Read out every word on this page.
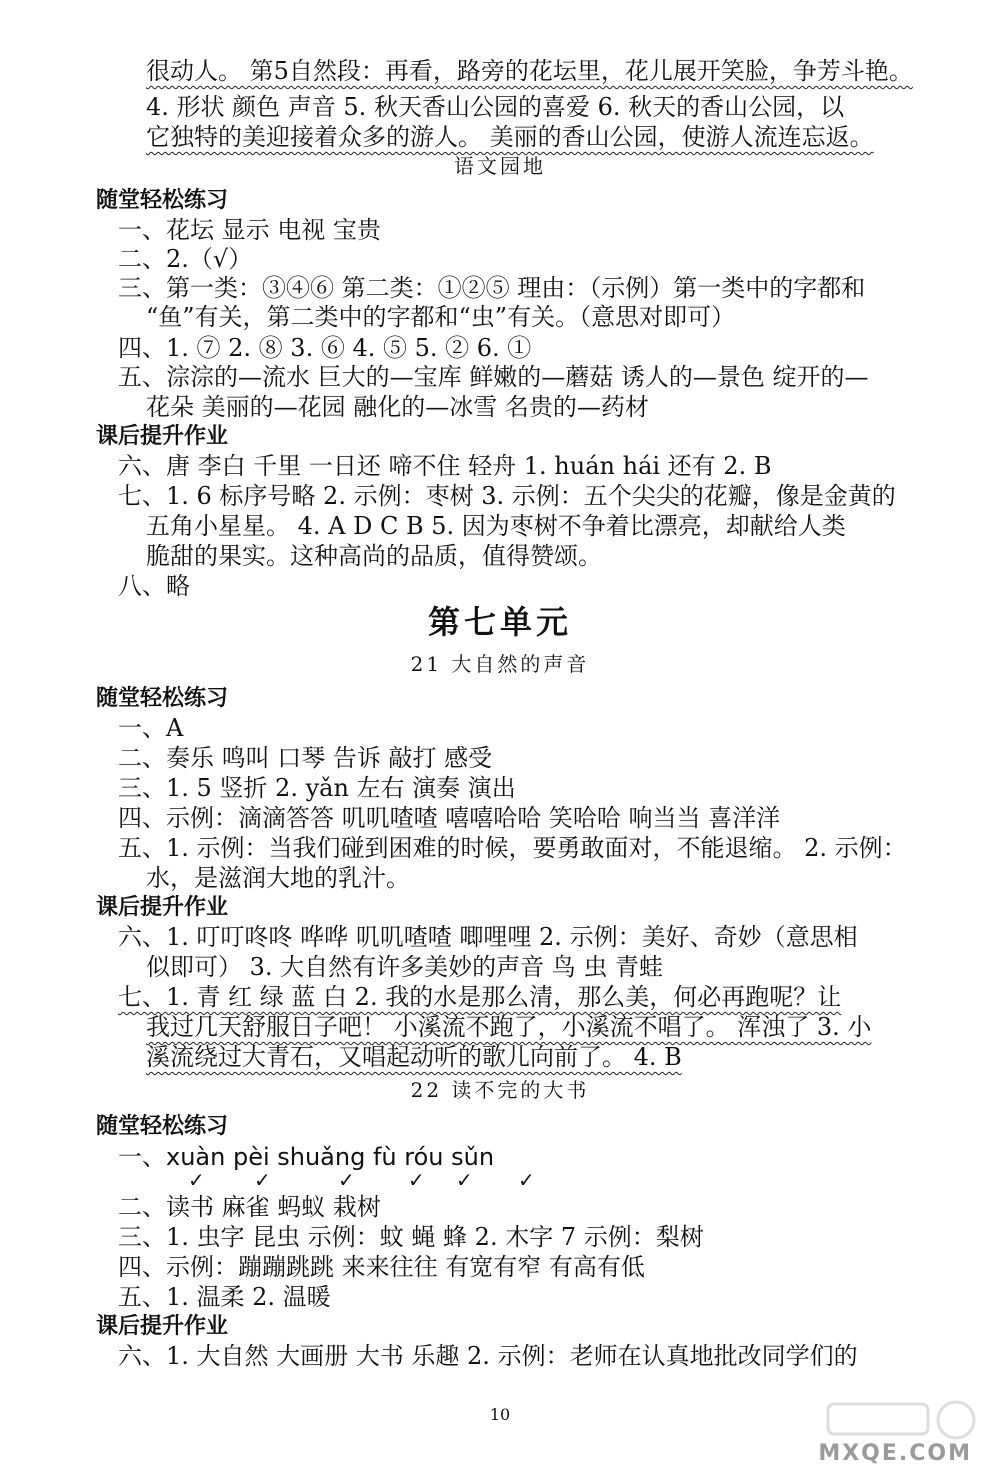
很动人。 第5自然段：再看，路旁的花坛里，花儿展开笑脸，争芳斗艳。
4. 形状 颜色 声音 5. 秋天香山公园的喜爱 6. 秋天的香山公园，以
它独特的美迎接着众多的游人。 美丽的香山公园，使游人流连忘返。
语文园地
随堂轻松练习
一、花坛 显示 电视 宝贵
二、2.（√）
三、第一类：③④⑥ 第二类：①②⑤ 理由：（示例）第一类中的字都和
“鱼”有关，第二类中的字都和“虫”有关。（意思对即可）
四、1. ⑦ 2. ⑧ 3. ⑥ 4. ⑤ 5. ② 6. ①
五、淙淙的—流水 巨大的—宝库 鲜嫩的—蘑菇 诱人的—景色 绽开的—
花朵 美丽的—花园 融化的—冰雪 名贵的—药材
课后提升作业
六、唐 李白 千里 一日还 啼不住 轻舟 1. huán hái 还有 2. B
七、1. 6 标序号略 2. 示例：枣树 3. 示例：五个尖尖的花瓣，像是金黄的
五角小星星。 4. A D C B 5. 因为枣树不争着比漂亮，却献给人类
脆甜的果实。这种高尚的品质，值得赞颂。
八、略
第七单元
21 大自然的声音
随堂轻松练习
一、A
二、奏乐 鸣叫 口琴 告诉 敲打 感受
三、1. 5 竖折 2. yǎn 左右 演奏 演出
四、示例：滴滴答答 叽叽喳喳 嘻嘻哈哈 笑哈哈 响当当 喜洋洋
五、1. 示例：当我们碰到困难的时候，要勇敢面对，不能退缩。 2. 示例：
水，是滋润大地的乳汁。
课后提升作业
六、1. 叮叮咚咚 哗哗 叽叽喳喳 唧哩哩 2. 示例：美好、奇妙（意思相
似即可） 3. 大自然有许多美妙的声音 鸟 虫 青蛙
七、1. 青 红 绿 蓝 白 2. 我的水是那么清，那么美，何必再跑呢？让
我过几天舒服日子吧！ 小溪流不跑了，小溪流不唱了。 浑浊了 3. 小
溪流绕过大青石，又唱起动听的歌儿向前了。 4. B
22 读不完的大书
随堂轻松练习
一、xuàn pèi shuǎng fù róu sǔn
✓ ✓	✓	✓ ✓ ✓
二、读书 麻雀 蚂蚁 栽树
三、1. 虫字 昆虫 示例：蚊 蝇 蜂 2. 木字 7 示例：梨树
四、示例：蹦蹦跳跳 来来往往 有宽有窄 有高有低
五、1. 温柔 2. 温暖
课后提升作业
六、1. 大自然 大画册 大书 乐趣 2. 示例：老师在认真地批改同学们的
10
MXQE.COM
